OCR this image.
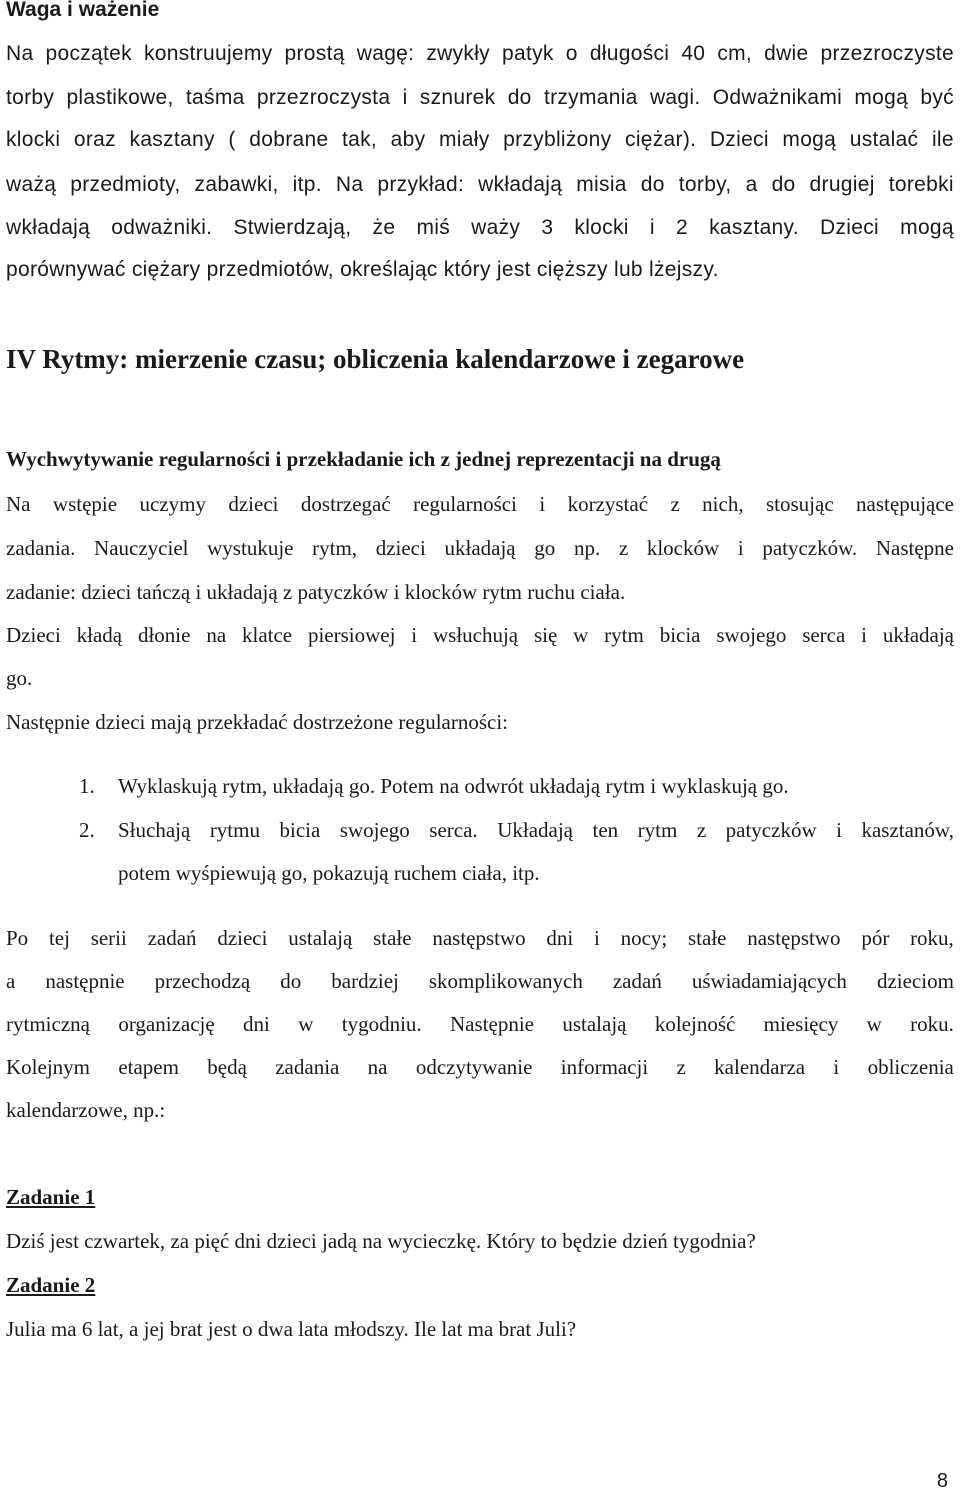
Waga i ważenie
Na początek konstruujemy prostą wagę: zwykły patyk o długości 40 cm, dwie przezroczyste
torby plastikowe, taśma przezroczysta i sznurek do trzymania wagi. Odważnikami mogą być
klocki oraz kasztany ( dobrane tak, aby miały przybliżony ciężar). Dzieci mogą ustalać ile
ważą przedmioty, zabawki, itp. Na przykład: wkładają misia do torby, a do drugiej torebki
wkładają odważniki. Stwierdzają, że miś waży 3 klocki i 2 kasztany. Dzieci mogą
porównywać ciężary przedmiotów, określając który jest cięższy lub lżejszy.
IV Rytmy: mierzenie czasu; obliczenia kalendarzowe i zegarowe
Wychwytywanie regularności i przekładanie ich z jednej reprezentacji na drugą
Na wstępie uczymy dzieci dostrzegać regularności i korzystać z nich, stosując następujące
zadania. Nauczyciel wystukuje rytm, dzieci układają go np. z klocków i patyczków. Następne
zadanie: dzieci tańczą i układają z patyczków i klocków rytm ruchu ciała.
Dzieci kładą dłonie na klatce piersiowej i wsłuchują się w rytm bicia swojego serca i układają
go.
Następnie dzieci mają przekładać dostrzeżone regularności:
1. Wyklaskują rytm, układają go. Potem na odwrót układają rytm i wyklaskują go.
2. Słuchają rytmu bicia swojego serca. Układają ten rytm z patyczków i kasztanów,
potem wyśpiewują go, pokazują ruchem ciała, itp.
Po tej serii zadań dzieci ustalają stałe następstwo dni i nocy; stałe następstwo pór roku,
a następnie przechodzą do bardziej skomplikowanych zadań uświadamiających dzieciom
rytmiczną organizację dni w tygodniu. Następnie ustalają kolejność miesięcy w roku.
Kolejnym etapem będą zadania na odczytywanie informacji z kalendarza i obliczenia
kalendarzowe, np.:
Zadanie 1
Dziś jest czwartek, za pięć dni dzieci jadą na wycieczkę. Który to będzie dzień tygodnia?
Zadanie 2
Julia ma 6 lat, a jej brat jest o dwa lata młodszy. Ile lat ma brat Juli?
8
